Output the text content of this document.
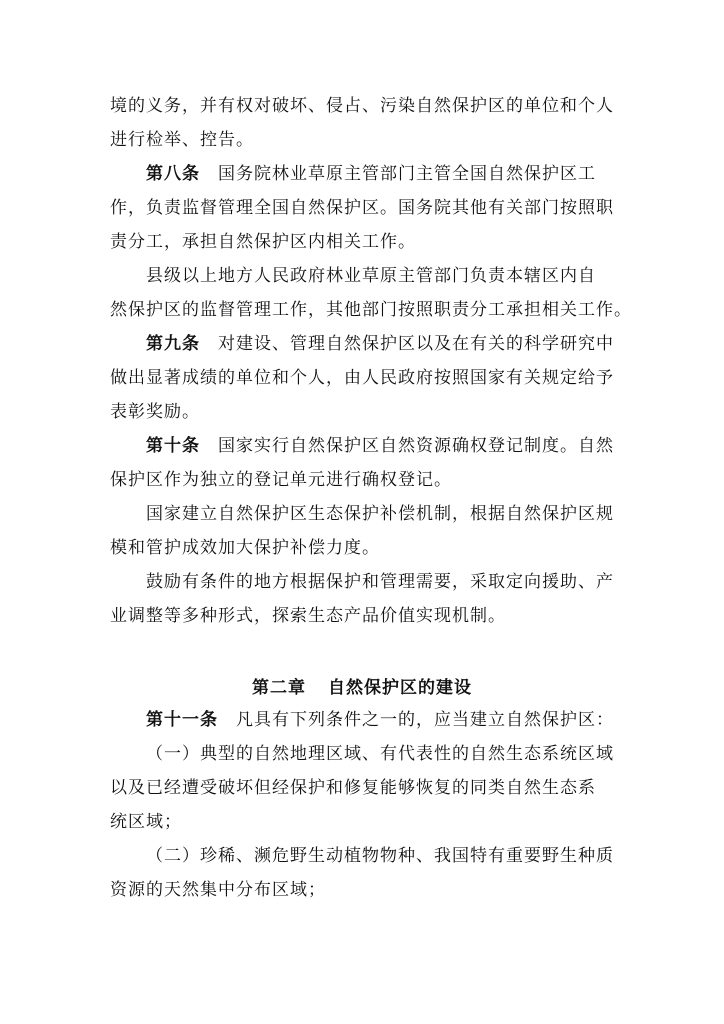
境的义务，并有权对破坏、侵占、污染自然保护区的单位和个人
进行检举、控告。
第八条 国务院林业草原主管部门主管全国自然保护区工
作，负责监督管理全国自然保护区。国务院其他有关部门按照职
责分工，承担自然保护区内相关工作。
县级以上地方人民政府林业草原主管部门负责本辖区内自
然保护区的监督管理工作，其他部门按照职责分工承担相关工作。
第九条 对建设、管理自然保护区以及在有关的科学研究中
做出显著成绩的单位和个人，由人民政府按照国家有关规定给予
表彰奖励。
第十条 国家实行自然保护区自然资源确权登记制度。自然
保护区作为独立的登记单元进行确权登记。
国家建立自然保护区生态保护补偿机制，根据自然保护区规
模和管护成效加大保护补偿力度。
鼓励有条件的地方根据保护和管理需要，采取定向援助、产
业调整等多种形式，探索生态产品价值实现机制。
第二章 自然保护区的建设
第十一条 凡具有下列条件之一的，应当建立自然保护区：
（一）典型的自然地理区域、有代表性的自然生态系统区域
以及已经遭受破坏但经保护和修复能够恢复的同类自然生态系
统区域；
（二）珍稀、濒危野生动植物物种、我国特有重要野生种质
资源的天然集中分布区域；
